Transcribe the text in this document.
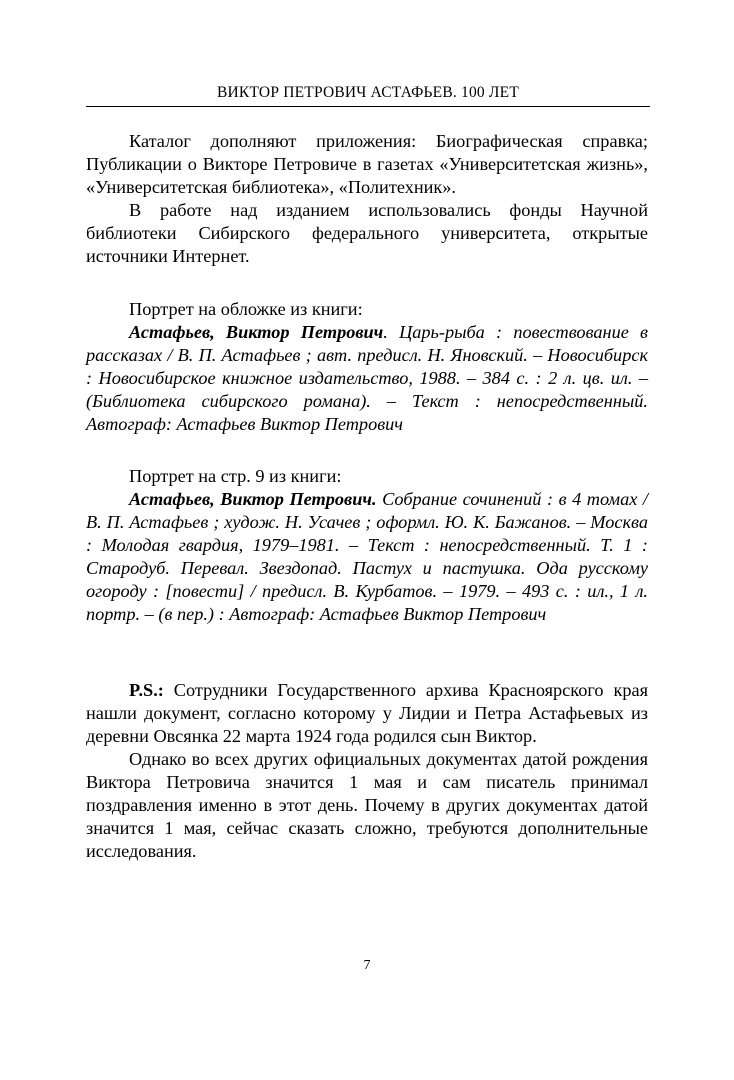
ВИКТОР ПЕТРОВИЧ АСТАФЬЕВ. 100 ЛЕТ

Каталог дополняют приложения: Биографическая справка; Публикации о Викторе Петровиче в газетах «Университетская жизнь», «Университетская библиотека», «Политехник».

В работе над изданием использовались фонды Научной библиотеки Сибирского федерального университета, открытые источники Интернет.

Портрет на обложке из книги:

Астафьев, Виктор Петрович. Царь-рыба : повествование в рассказах / В. П. Астафьев ; авт. предисл. Н. Яновский. – Новосибирск : Новосибирское книжное издательство, 1988. – 384 с. : 2 л. цв. ил. – (Библиотека сибирского романа). – Текст : непосредственный. Автограф: Астафьев Виктор Петрович

Портрет на стр. 9 из книги:

Астафьев, Виктор Петрович. Собрание сочинений : в 4 томах / В. П. Астафьев ; худож. Н. Усачев ; оформл. Ю. К. Бажанов. – Москва : Молодая гвардия, 1979–1981. – Текст : непосредственный. Т. 1 : Стародуб. Перевал. Звездопад. Пастух и пастушка. Ода русскому огороду : [повести] / предисл. В. Курбатов. – 1979. – 493 с. : ил., 1 л. портр. – (в пер.) : Автограф: Астафьев Виктор Петрович

P.S.: Сотрудники Государственного архива Красноярского края нашли документ, согласно которому у Лидии и Петра Астафьевых из деревни Овсянка 22 марта 1924 года родился сын Виктор.

Однако во всех других официальных документах датой рождения Виктора Петровича значится 1 мая и сам писатель принимал поздравления именно в этот день. Почему в других документах датой значится 1 мая, сейчас сказать сложно, требуются дополнительные исследования.

7
